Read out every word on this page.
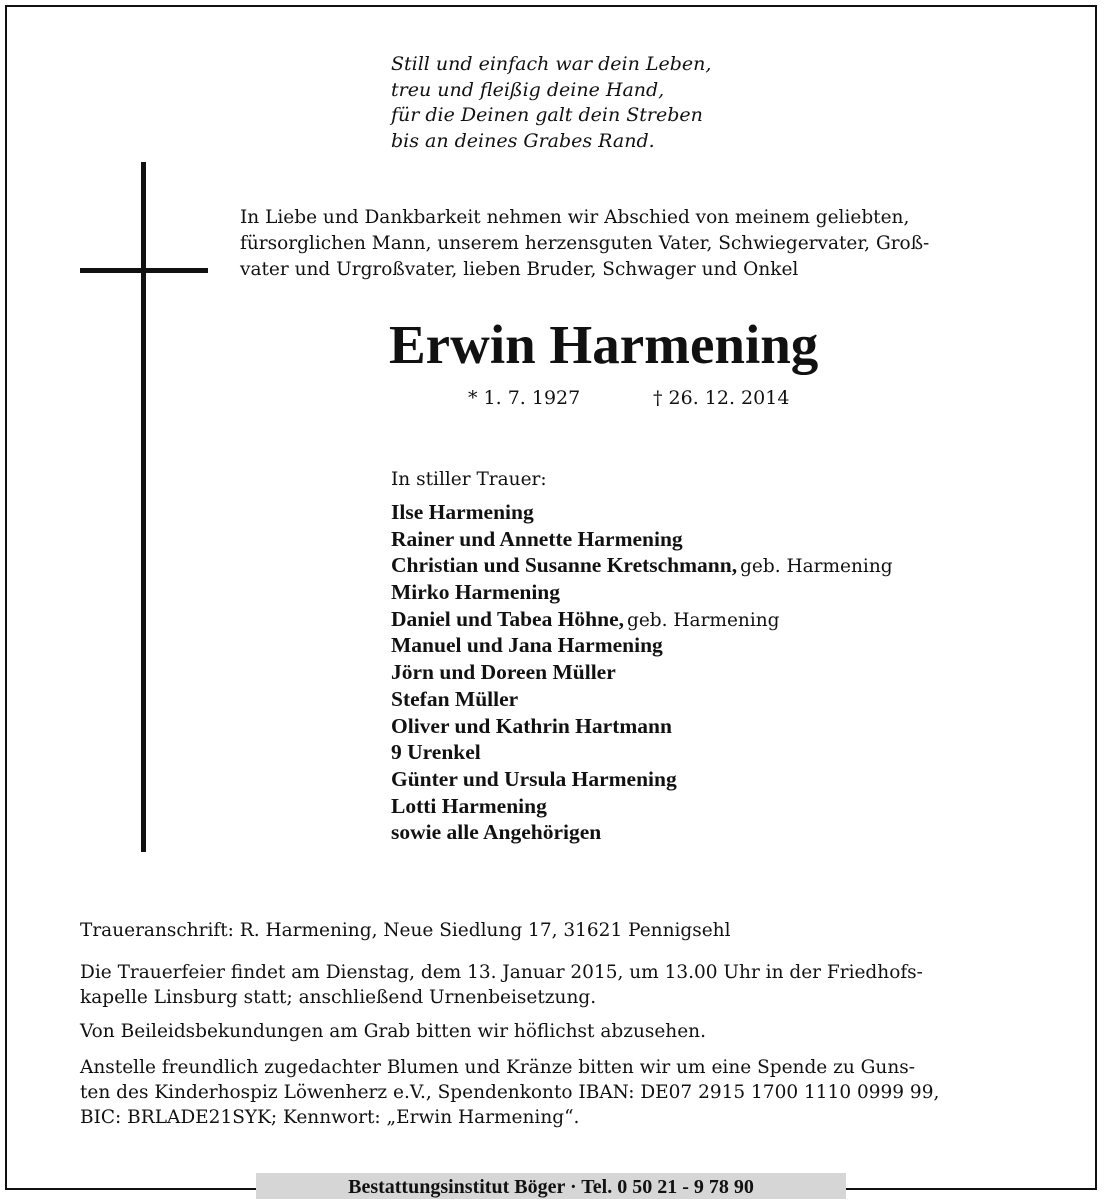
Still und einfach war dein Leben,
treu und fleißig deine Hand,
für die Deinen galt dein Streben
bis an deines Grabes Rand.
In Liebe und Dankbarkeit nehmen wir Abschied von meinem geliebten,
fürsorglichen Mann, unserem herzensguten Vater, Schwiegervater, Groß-
vater und Urgroßvater, lieben Bruder, Schwager und Onkel
Erwin Harmening
* 1. 7. 1927	† 26. 12. 2014
In stiller Trauer:
Ilse Harmening
Rainer und Annette Harmening
Christian und Susanne Kretschmann, geb. Harmening
Mirko Harmening
Daniel und Tabea Höhne, geb. Harmening
Manuel und Jana Harmening
Jörn und Doreen Müller
Stefan Müller
Oliver und Kathrin Hartmann
9 Urenkel
Günter und Ursula Harmening
Lotti Harmening
sowie alle Angehörigen
Traueranschrift: R. Harmening, Neue Siedlung 17, 31621 Pennigsehl
Die Trauerfeier findet am Dienstag, dem 13. Januar 2015, um 13.00 Uhr in der Friedhofs-
kapelle Linsburg statt; anschließend Urnenbeisetzung.
Von Beileidsbekundungen am Grab bitten wir höflichst abzusehen.
Anstelle freundlich zugedachter Blumen und Kränze bitten wir um eine Spende zu Guns-
ten des Kinderhospiz Löwenherz e.V., Spendenkonto IBAN: DE07 2915 1700 1110 0999 99,
BIC: BRLADE21SYK; Kennwort: „Erwin Harmening“.
Bestattungsinstitut Böger · Tel. 0 50 21 - 9 78 90
